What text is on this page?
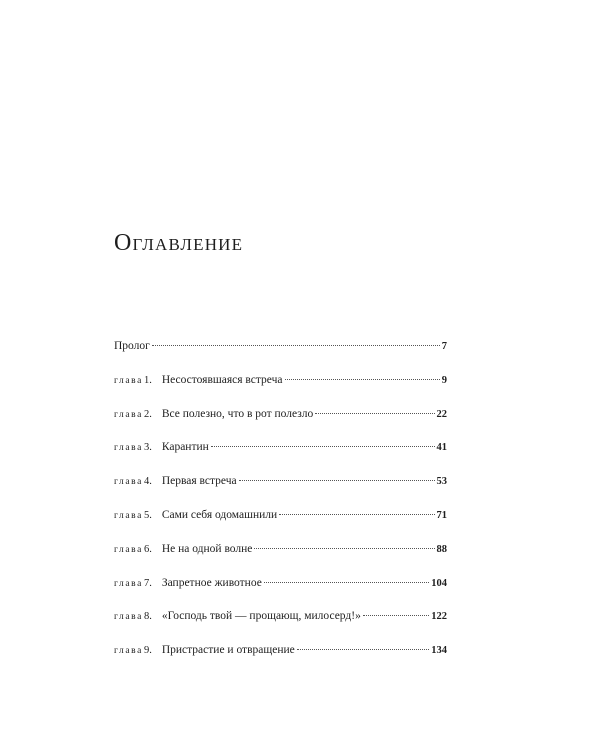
Оглавление
Пролог	7
глава 1. Несостоявшаяся встреча	9
глава 2. Все полезно, что в рот полезло	22
глава 3. Карантин	41
глава 4. Первая встреча	53
глава 5. Сами себя одомашнили	71
глава 6. Не на одной волне	88
глава 7. Запретное животное	104
глава 8. «Господь твой — прощающ, милосерд!»	122
глава 9. Пристрастие и отвращение	134
